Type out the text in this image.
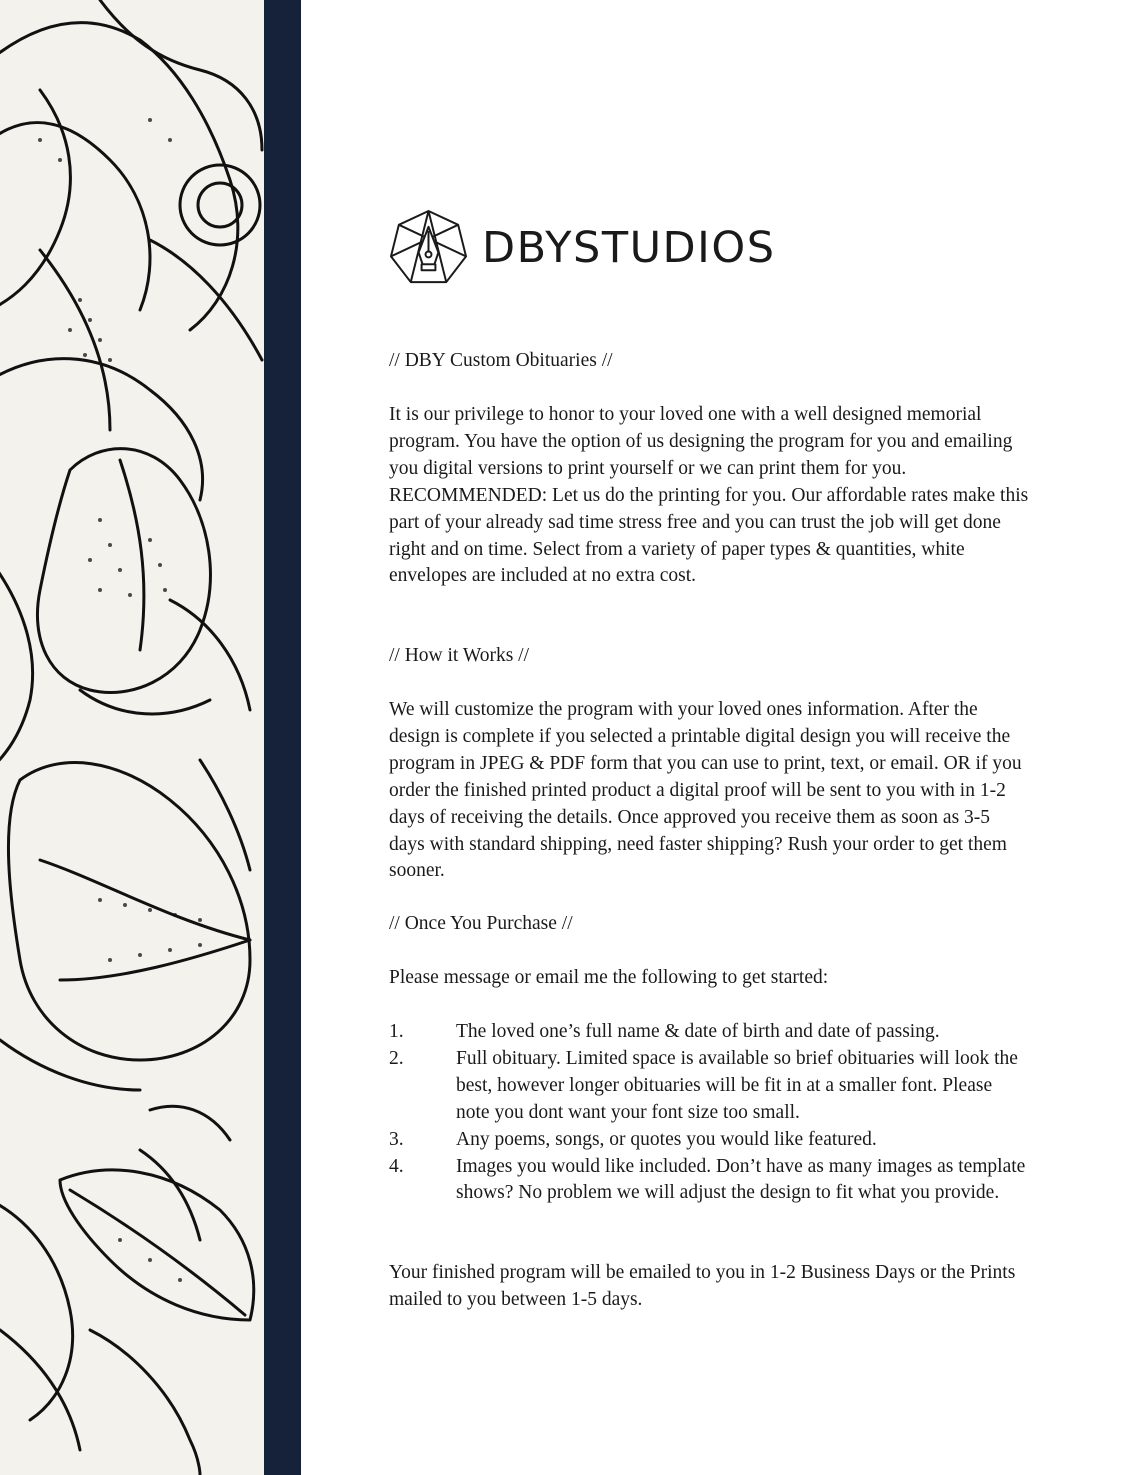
DBYSTUDIOS

// DBY Custom Obituaries //

It is our privilege to honor to your loved one with a well designed memorial program. You have the option of us designing the program for you and emailing you digital versions to print yourself or we can print them for you. RECOMMENDED: Let us do the printing for you. Our affordable rates make this part of your already sad time stress free and you can trust the job will get done right and on time. Select from a variety of paper types & quantities, white envelopes are included at no extra cost.

// How it Works //

We will customize the program with your loved ones information. After the design is complete if you selected a printable digital design you will receive the program in JPEG & PDF form that you can use to print, text, or email. OR if you order the finished printed product a digital proof will be sent to you with in 1-2 days of receiving the details. Once approved you receive them as soon as 3-5 days with standard shipping, need faster shipping? Rush your order to get them sooner.

// Once You Purchase //

Please message or email me the following to get started:

1.	The loved one’s full name & date of birth and date of passing.
2.	Full obituary. Limited space is available so brief obituaries will look the best, however longer obituaries will be fit in at a smaller font. Please note you dont want your font size too small.
3.	Any poems, songs, or quotes you would like featured.
4.	Images you would like included. Don’t have as many images as template shows? No problem we will adjust the design to fit what you provide.

Your finished program will be emailed to you in 1-2 Business Days or the Prints mailed to you between 1-5 days.
